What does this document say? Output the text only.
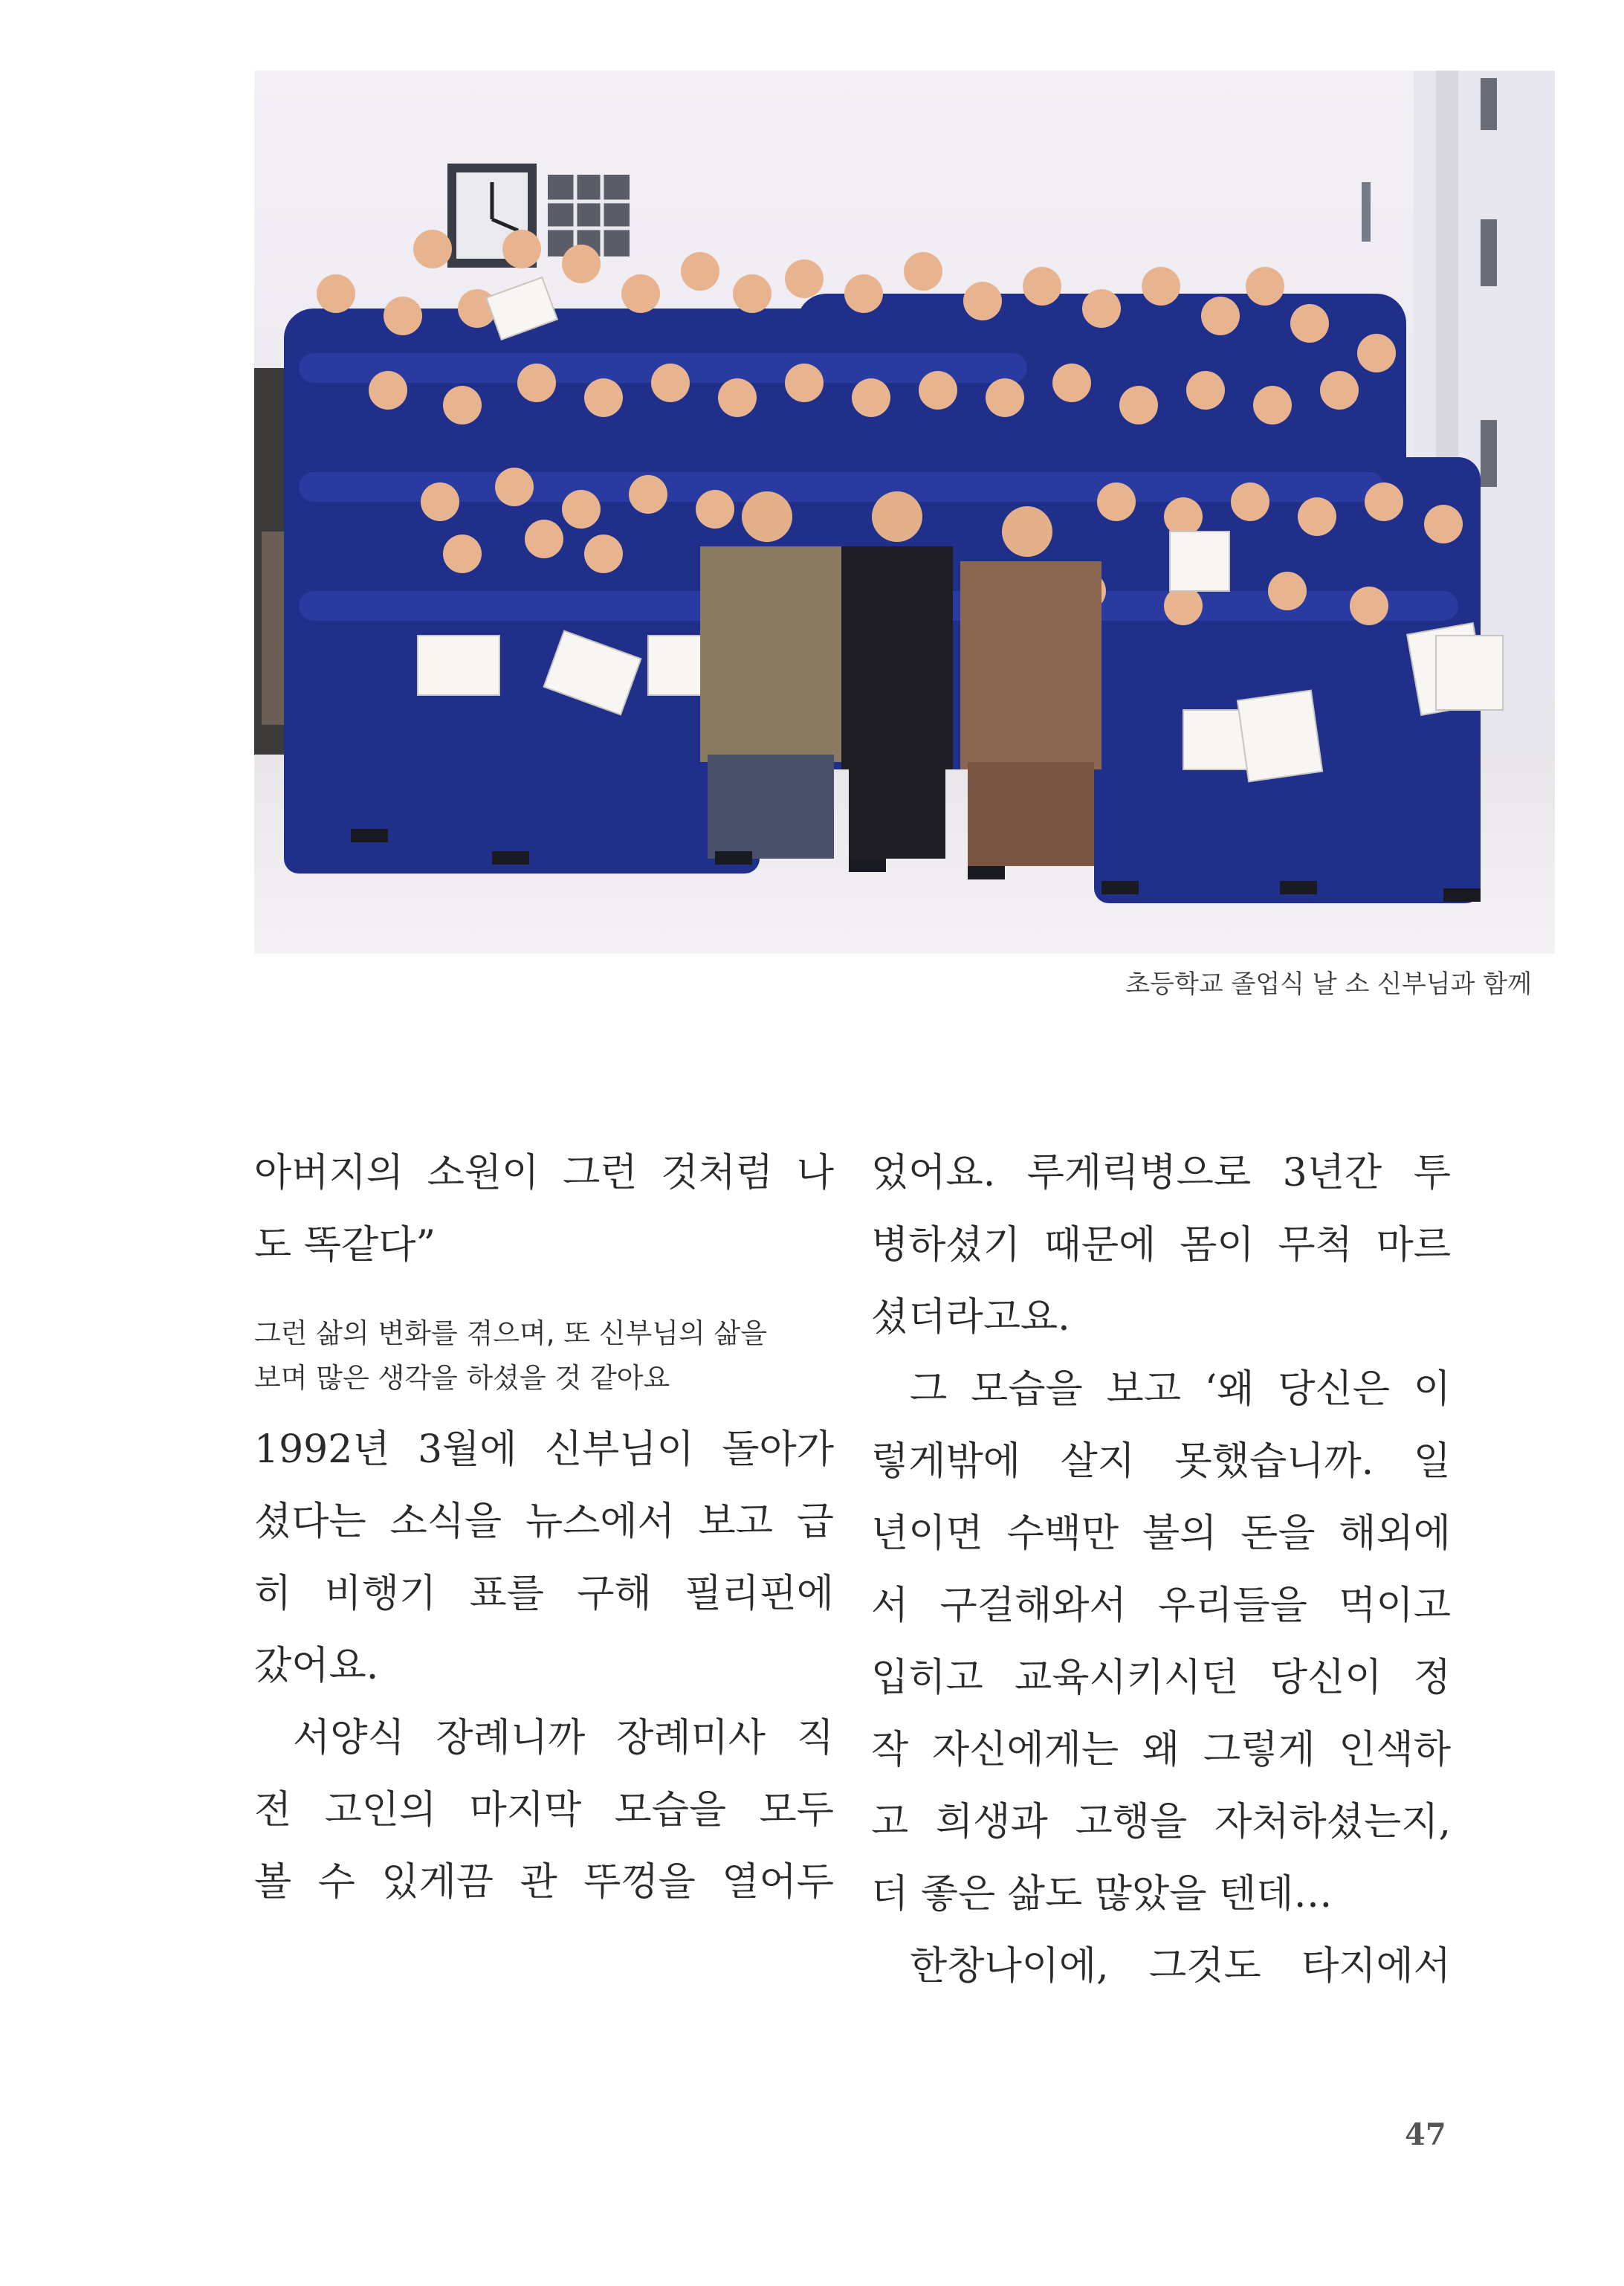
초등학교 졸업식 날 소 신부님과 함께
아버지의 소원이 그런 것처럼 나
도 똑같다”
그런 삶의 변화를 겪으며, 또 신부님의 삶을
보며 많은 생각을 하셨을 것 같아요
1992년 3월에 신부님이 돌아가
셨다는 소식을 뉴스에서 보고 급
히 비행기 표를 구해 필리핀에
갔어요.
서양식 장례니까 장례미사 직
전 고인의 마지막 모습을 모두
볼 수 있게끔 관 뚜껑을 열어두
었어요. 루게릭병으로 3년간 투
병하셨기 때문에 몸이 무척 마르
셨더라고요.
그 모습을 보고 ‘왜 당신은 이
렇게밖에 살지 못했습니까. 일
년이면 수백만 불의 돈을 해외에
서 구걸해와서 우리들을 먹이고
입히고 교육시키시던 당신이 정
작 자신에게는 왜 그렇게 인색하
고 희생과 고행을 자처하셨는지,
더 좋은 삶도 많았을 텐데…
한창나이에, 그것도 타지에서
47
